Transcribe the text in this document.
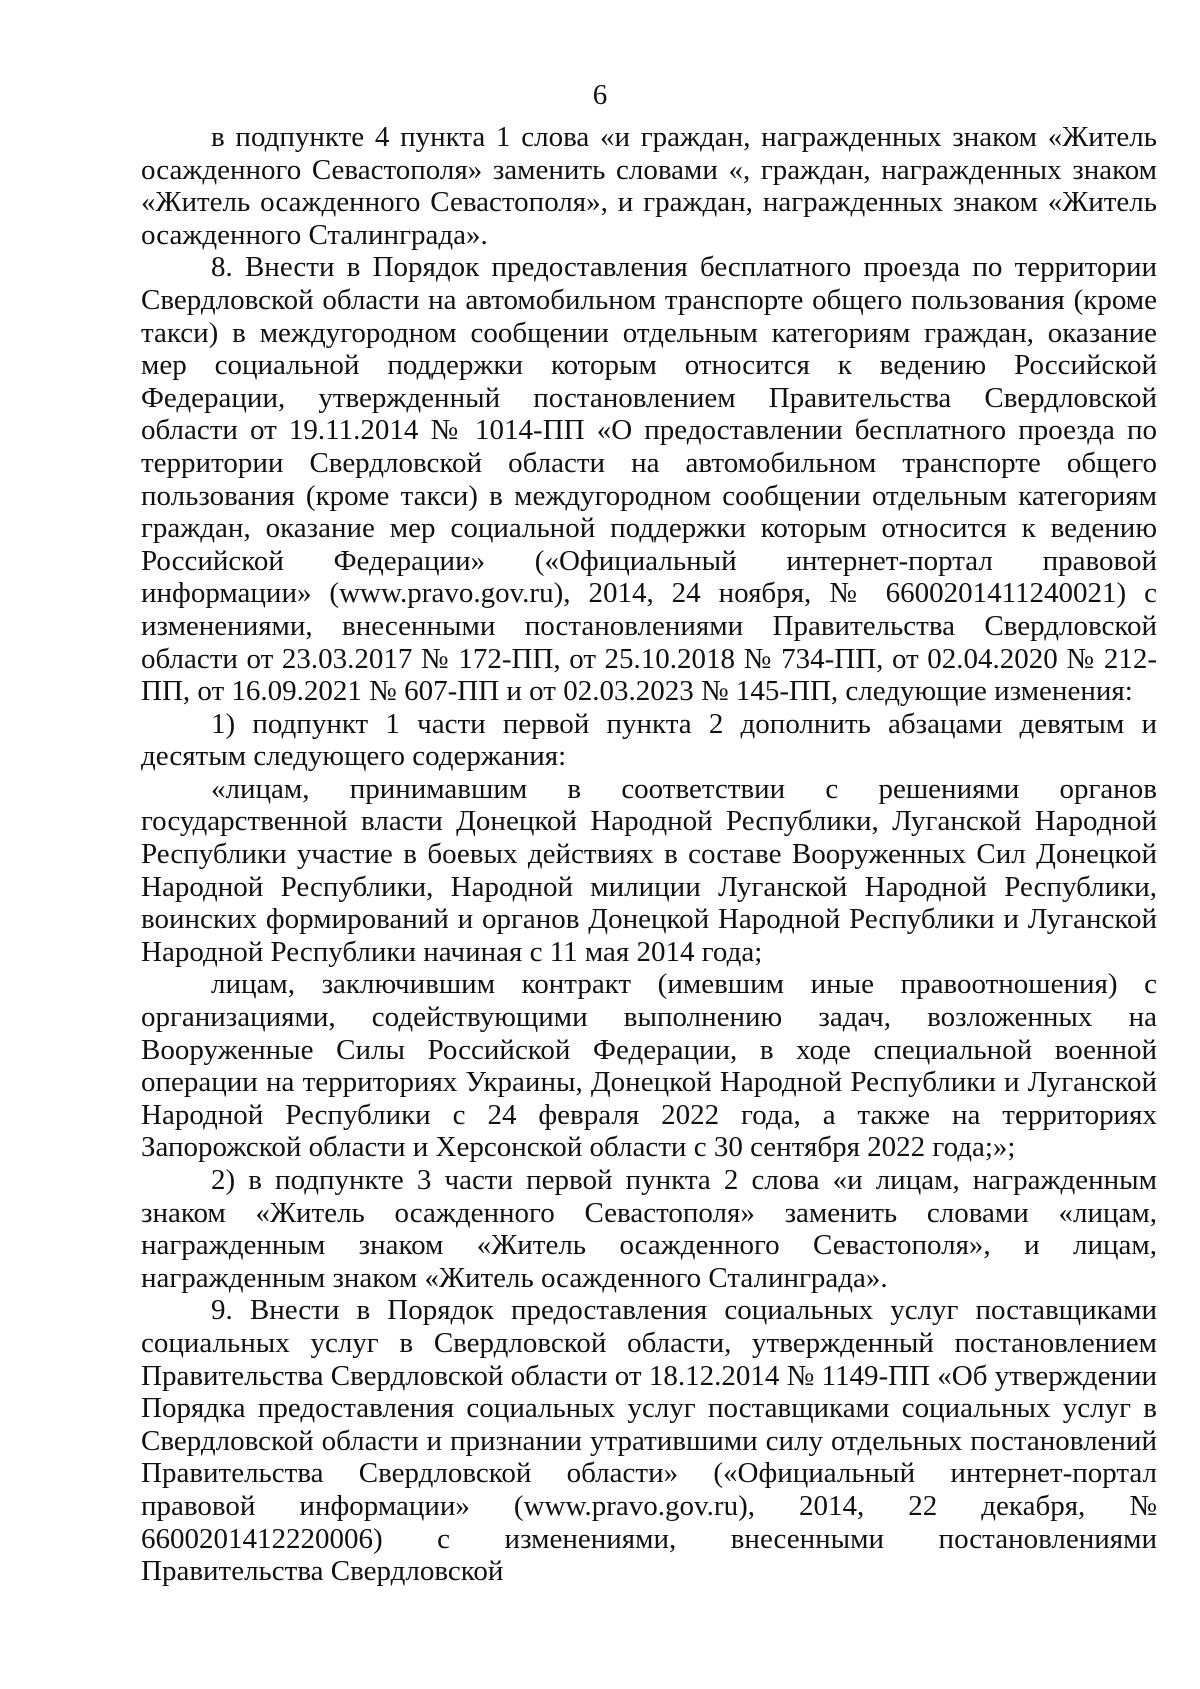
6

в подпункте 4 пункта 1 слова «и граждан, награжденных знаком «Житель осажденного Севастополя» заменить словами «, граждан, награжденных знаком «Житель осажденного Севастополя», и граждан, награжденных знаком «Житель осажденного Сталинграда».

8. Внести в Порядок предоставления бесплатного проезда по территории Свердловской области на автомобильном транспорте общего пользования (кроме такси) в междугородном сообщении отдельным категориям граждан, оказание мер социальной поддержки которым относится к ведению Российской Федерации, утвержденный постановлением Правительства Свердловской области от 19.11.2014 № 1014-ПП «О предоставлении бесплатного проезда по территории Свердловской области на автомобильном транспорте общего пользования (кроме такси) в междугородном сообщении отдельным категориям граждан, оказание мер социальной поддержки которым относится к ведению Российской Федерации» («Официальный интернет-портал правовой информации» (www.pravo.gov.ru), 2014, 24 ноября, № 6600201411240021) с изменениями, внесенными постановлениями Правительства Свердловской области от 23.03.2017 № 172-ПП, от 25.10.2018 № 734-ПП, от 02.04.2020 № 212-ПП, от 16.09.2021 № 607-ПП и от 02.03.2023 № 145-ПП, следующие изменения:

1) подпункт 1 части первой пункта 2 дополнить абзацами девятым и десятым следующего содержания:

«лицам, принимавшим в соответствии с решениями органов государственной власти Донецкой Народной Республики, Луганской Народной Республики участие в боевых действиях в составе Вооруженных Сил Донецкой Народной Республики, Народной милиции Луганской Народной Республики, воинских формирований и органов Донецкой Народной Республики и Луганской Народной Республики начиная с 11 мая 2014 года;

лицам, заключившим контракт (имевшим иные правоотношения) с организациями, содействующими выполнению задач, возложенных на Вооруженные Силы Российской Федерации, в ходе специальной военной операции на территориях Украины, Донецкой Народной Республики и Луганской Народной Республики с 24 февраля 2022 года, а также на территориях Запорожской области и Херсонской области с 30 сентября 2022 года;»;

2) в подпункте 3 части первой пункта 2 слова «и лицам, награжденным знаком «Житель осажденного Севастополя» заменить словами «лицам, награжденным знаком «Житель осажденного Севастополя», и лицам, награжденным знаком «Житель осажденного Сталинграда».

9. Внести в Порядок предоставления социальных услуг поставщиками социальных услуг в Свердловской области, утвержденный постановлением Правительства Свердловской области от 18.12.2014 № 1149-ПП «Об утверждении Порядка предоставления социальных услуг поставщиками социальных услуг в Свердловской области и признании утратившими силу отдельных постановлений Правительства Свердловской области» («Официальный интернет-портал правовой информации» (www.pravo.gov.ru), 2014, 22 декабря, № 6600201412220006) с изменениями, внесенными постановлениями Правительства Свердловской
